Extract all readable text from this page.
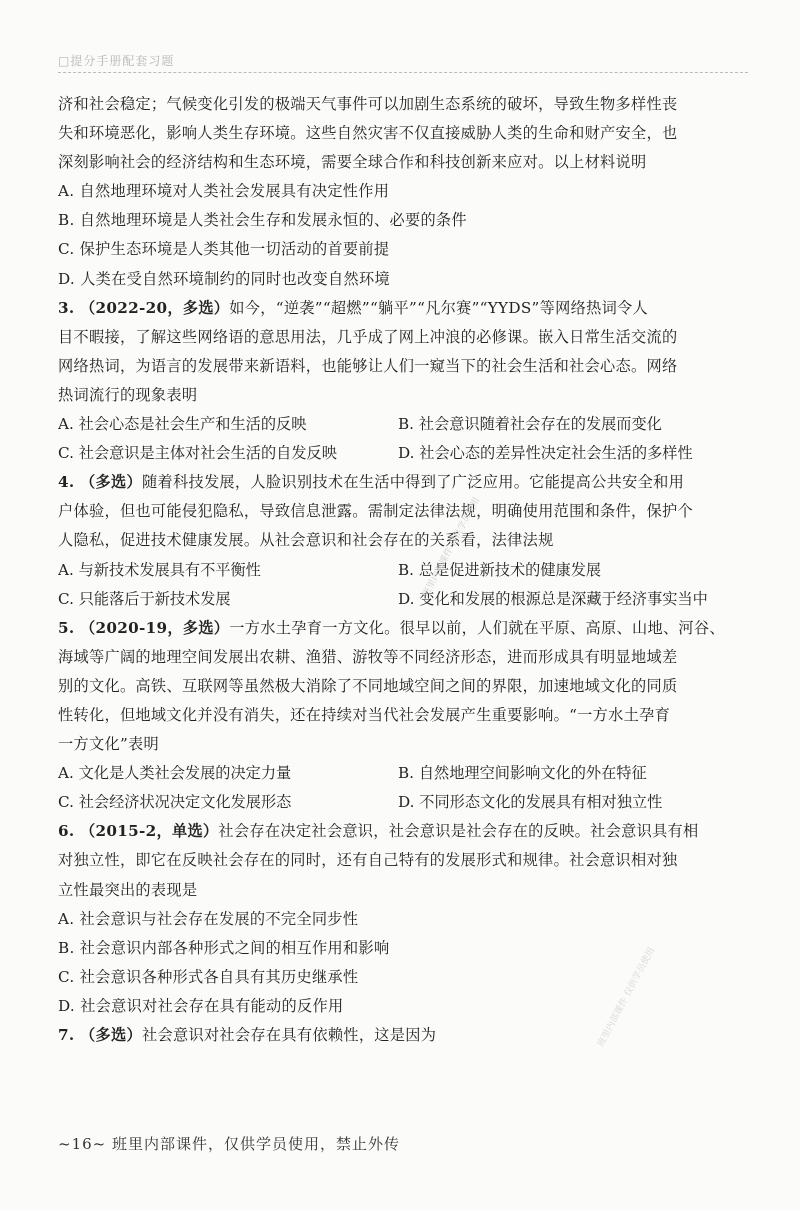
□提分手册配套习题
济和社会稳定；气候变化引发的极端天气事件可以加剧生态系统的破坏，导致生物多样性丧
失和环境恶化，影响人类生存环境。这些自然灾害不仅直接威胁人类的生命和财产安全，也
深刻影响社会的经济结构和生态环境，需要全球合作和科技创新来应对。以上材料说明
A. 自然地理环境对人类社会发展具有决定性作用
B. 自然地理环境是人类社会生存和发展永恒的、必要的条件
C. 保护生态环境是人类其他一切活动的首要前提
D. 人类在受自然环境制约的同时也改变自然环境
3. （2022-20，多选）如今，“逆袭”“超燃”“躺平”“凡尔赛”“YYDS”等网络热词令人
目不暇接，了解这些网络语的意思用法，几乎成了网上冲浪的必修课。嵌入日常生活交流的
网络热词，为语言的发展带来新语料，也能够让人们一窥当下的社会生活和社会心态。网络
热词流行的现象表明
A. 社会心态是社会生产和生活的反映	B. 社会意识随着社会存在的发展而变化
C. 社会意识是主体对社会生活的自发反映	D. 社会心态的差异性决定社会生活的多样性
4. （多选）随着科技发展，人脸识别技术在生活中得到了广泛应用。它能提高公共安全和用
户体验，但也可能侵犯隐私，导致信息泄露。需制定法律法规，明确使用范围和条件，保护个
人隐私，促进技术健康发展。从社会意识和社会存在的关系看，法律法规
A. 与新技术发展具有不平衡性	B. 总是促进新技术的健康发展
C. 只能落后于新技术发展	D. 变化和发展的根源总是深藏于经济事实当中
5. （2020-19，多选）一方水土孕育一方文化。很早以前，人们就在平原、高原、山地、河谷、
海域等广阔的地理空间发展出农耕、渔猎、游牧等不同经济形态，进而形成具有明显地域差
别的文化。高铁、互联网等虽然极大消除了不同地域空间之间的界限，加速地域文化的同质
性转化，但地域文化并没有消失，还在持续对当代社会发展产生重要影响。“一方水土孕育
一方文化”表明
A. 文化是人类社会发展的决定力量	B. 自然地理空间影响文化的外在特征
C. 社会经济状况决定文化发展形态	D. 不同形态文化的发展具有相对独立性
6. （2015-2，单选）社会存在决定社会意识，社会意识是社会存在的反映。社会意识具有相
对独立性，即它在反映社会存在的同时，还有自己特有的发展形式和规律。社会意识相对独
立性最突出的表现是
A. 社会意识与社会存在发展的不完全同步性
B. 社会意识内部各种形式之间的相互作用和影响
C. 社会意识各种形式各自具有其历史继承性
D. 社会意识对社会存在具有能动的反作用
7. （多选）社会意识对社会存在具有依赖性，这是因为
班里内部课件 仅供学员使用
班里内部课件 仅供学员使用
~16~ 班里内部课件，仅供学员使用，禁止外传
